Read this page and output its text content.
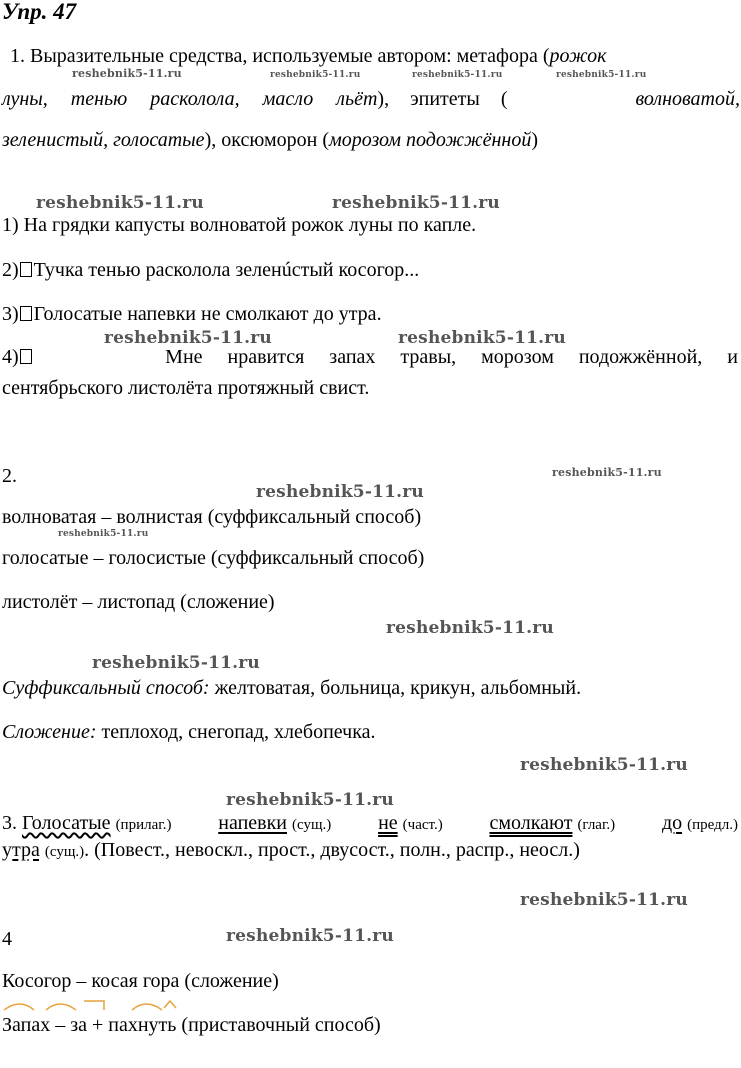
Упр. 47
1. Выразительные средства, используемые автором: метафора (рожок
луны, тенью расколола, масло льёт), эпитеты (	волноватой,
зеленистый, голосатые), оксюморон (морозом подожжённой)
1) На грядки капусты волноватой рожок луны по капле.
2) Тучка тенью расколола зеленúстый косогор...
3) Голосатые напевки не смолкают до утра.
4)	Мне нравится запах травы, морозом подожжённой, и
сентябрьского листолёта протяжный свист.
2.
волноватая – волнистая (суффиксальный способ)
голосатые – голосистые (суффиксальный способ)
листолёт – листопад (сложение)
Суффиксальный способ: желтоватая, больница, крикун, альбомный.
Сложение: теплоход, снегопад, хлебопечка.
3. Голосатые (прилаг.) напевки (сущ.) не (част.) смолкают (глаг.) до (предл.)
утра (сущ.). (Повест., невоскл., прост., двусост., полн., распр., неосл.)
4
Косогор – косая гора (сложение)
Запах – за + пахнуть (приставочный способ)
reshebnik5-11.ru	reshebnik5-11.ru	reshebnik5-11.ru	reshebnik5-11.ru
reshebnik5-11.ru	reshebnik5-11.ru
reshebnik5-11.ru	reshebnik5-11.ru
reshebnik5-11.ru
reshebnik5-11.ru
reshebnik5-11.ru
reshebnik5-11.ru
reshebnik5-11.ru
reshebnik5-11.ru
reshebnik5-11.ru
reshebnik5-11.ru
reshebnik5-11.ru
